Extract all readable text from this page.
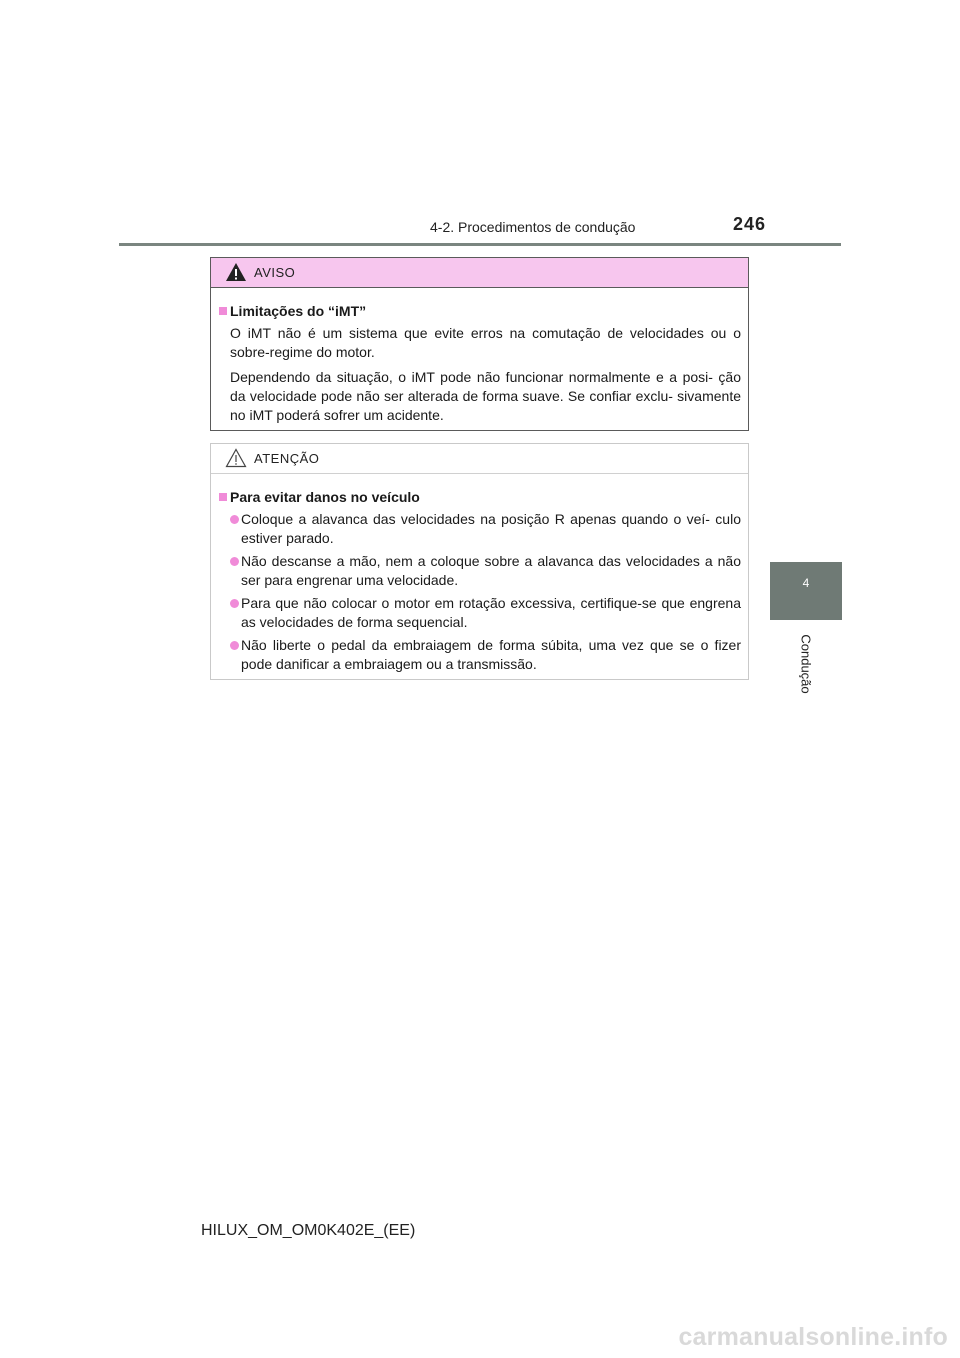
4-2. Procedimentos de condução	246
4
Condução
AVISO
Limitações do “iMT”
O iMT não é um sistema que evite erros na comutação de velocidades ou o sobre-regime do motor.
Dependendo da situação, o iMT pode não funcionar normalmente e a posi- ção da velocidade pode não ser alterada de forma suave. Se confiar exclu- sivamente no iMT poderá sofrer um acidente.
ATENÇÃO
Para evitar danos no veículo
Coloque a alavanca das velocidades na posição R apenas quando o veí- culo estiver parado.
Não descanse a mão, nem a coloque sobre a alavanca das velocidades a não ser para engrenar uma velocidade.
Para que não colocar o motor em rotação excessiva, certifique-se que engrena as velocidades de forma sequencial.
Não liberte o pedal da embraiagem de forma súbita, uma vez que se o fizer pode danificar a embraiagem ou a transmissão.
HILUX_OM_OM0K402E_(EE)
carmanualsonline.info
